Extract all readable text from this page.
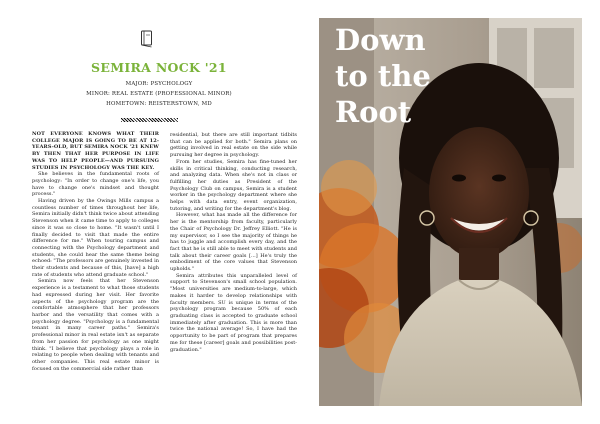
SEMIRA NOCK '21
MAJOR: PSYCHOLOGY
MINOR: REAL ESTATE (PROFESSIONAL MINOR)
HOMETOWN: REISTERSTOWN, MD

NOT EVERYONE KNOWS WHAT THEIR COLLEGE MAJOR IS GOING TO BE AT 12-YEARS-OLD, BUT SEMIRA NOCK '21 KNEW BY THEN THAT HER PURPOSE IN LIFE WAS TO HELP PEOPLE—AND PURSUING STUDIES IN PSYCHOLOGY WAS THE KEY.

She believes in the fundamental roots of psychology: "In order to change one's life, you have to change one's mindset and thought process."

Having driven by the Owings Mills campus a countless number of times throughout her life, Semira initially didn't think twice about attending Stevenson when it came time to apply to colleges since it was so close to home. "It wasn't until I finally decided to visit that made the entire difference for me." When touring campus and connecting with the Psychology department and students, she could hear the same theme being echoed: "The professors are genuinely invested in their students and because of this, [have] a high rate of students who attend graduate school."

Semira now feels that her Stevenson experience is a testament to what those students had expressed during her visit. Her favorite aspects of the psychology program are the comfortable atmosphere that her professors harbor and the versatility that comes with a psychology degree. "Psychology is a fundamental tenant in many career paths." Semira's professional minor in real estate isn't as separate from her passion for psychology as one might think. "I believe that psychology plays a role in relating to people when dealing with tenants and other companies. This real estate minor is focused on the commercial side rather than

residential, but there are still important tidbits that can be applied for both." Semira plans on getting involved in real estate on the side while pursuing her degree in psychology.

From her studies, Semira has fine-tuned her skills in critical thinking, conducting research, and analyzing data. When she's not in class or fulfilling her duties as President of the Psychology Club on campus, Semira is a student worker in the psychology department where she helps with data entry, event organization, tutoring, and writing for the department's blog.

However, what has made all the difference for her is the mentorship from faculty, particularly the Chair of Psychology Dr. Jeffrey Elliott. "He is my supervisor, so I see the majority of things he has to juggle and accomplish every day, and the fact that he is still able to meet with students and talk about their career goals [...] He's truly the embodiment of the core values that Stevenson upholds."

Semira attributes this unparalleled level of support to Stevenson's small school population. "Most universities are medium-to-large, which makes it harder to develop relationships with faculty members. SU is unique in terms of the psychology program because 50% of each graduating class is accepted to graduate school immediately after graduation. This is more than twice the national average! So, I have had the opportunity to be part of program that prepares me for these [career] goals and possibilities post-graduation."

Down
to the
Root
